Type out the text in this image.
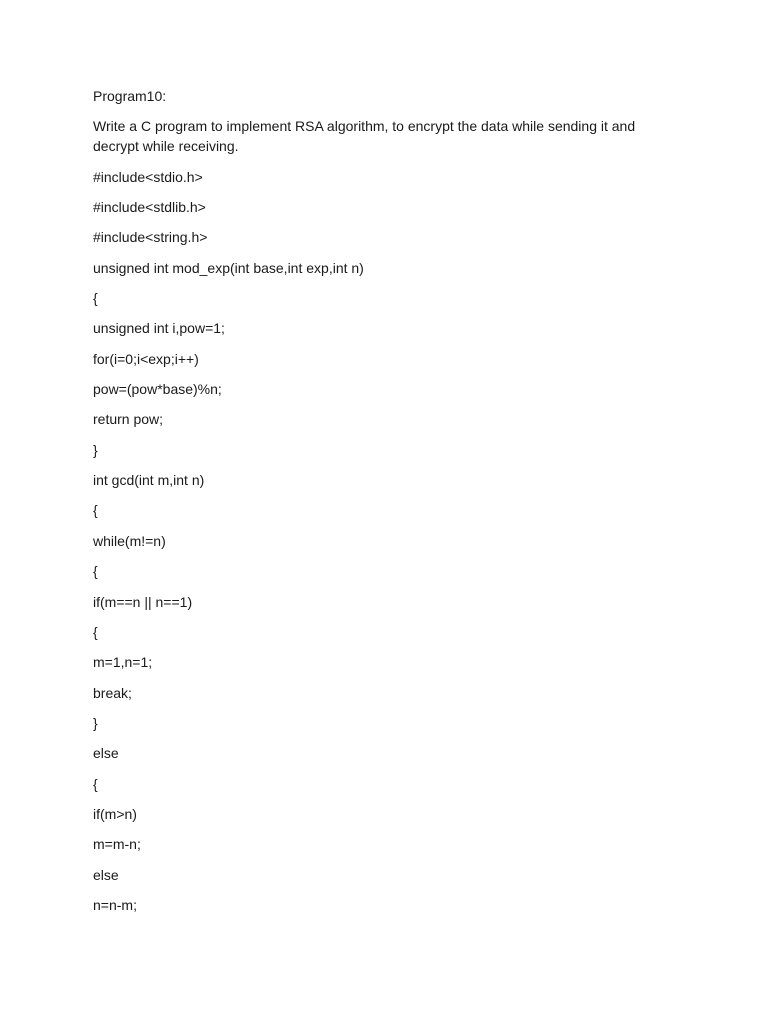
Program10:
Write a C program to implement RSA algorithm, to encrypt the data while sending it and decrypt while receiving.
#include<stdio.h>
#include<stdlib.h>
#include<string.h>
unsigned int mod_exp(int base,int exp,int n)
{
unsigned int i,pow=1;
for(i=0;i<exp;i++)
pow=(pow*base)%n;
return pow;
}
int gcd(int m,int n)
{
while(m!=n)
{
if(m==n || n==1)
{
m=1,n=1;
break;
}
else
{
if(m>n)
m=m-n;
else
n=n-m;
